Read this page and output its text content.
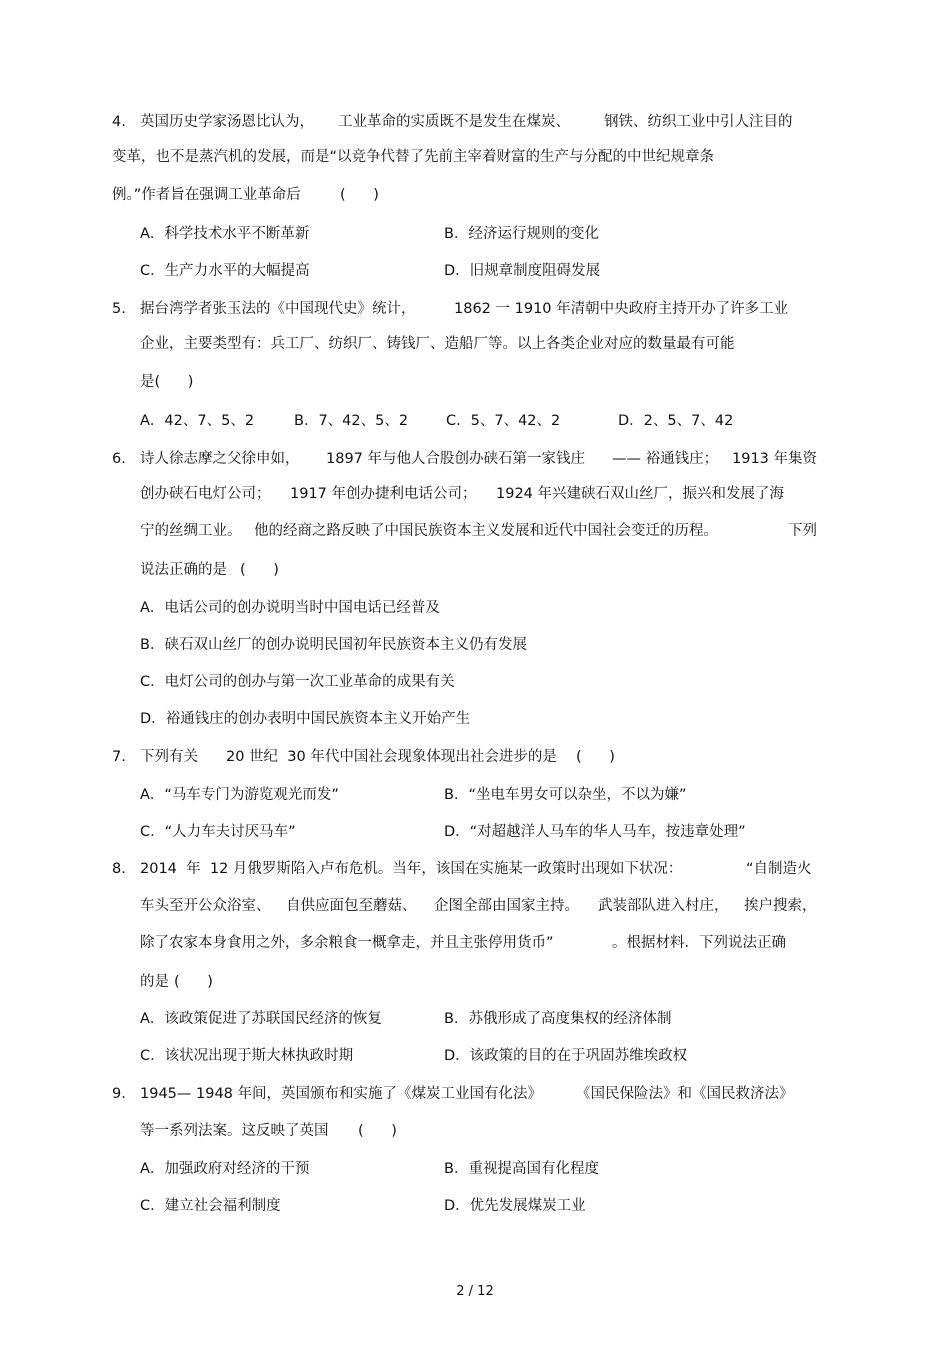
4. 英国历史学家汤恩比认为， 工业革命的实质既不是发生在煤炭、 钢铁、纺织工业中引人注目的
变革，也不是蒸汽机的发展，而是“以竞争代替了先前主宰着财富的生产与分配的中世纪规章条
例。”作者旨在强调工业革命后	(      )
A．科学技术水平不断革新	B．经济运行规则的变化
C．生产力水平的大幅提高	D．旧规章制度阻碍发展
5. 据台湾学者张玉法的《中国现代史》统计，	1862 一 1910 年清朝中央政府主持开办了许多工业
企业，主要类型有：兵工厂、纺织厂、铸钱厂、造船厂等。以上各类企业对应的数量最有可能
是(      )
A．42、7、5、2	B．7、42、5、2	C．5、7、42、2	D．2、5、7、42
6. 诗人徐志摩之父徐申如， 1897 年与他人合股创办硖石第一家钱庄 —— 裕通钱庄； 1913 年集资
创办硖石电灯公司； 1917 年创办捷利电话公司； 1924 年兴建硖石双山丝厂，振兴和发展了海
宁的丝绸工业。 他的经商之路反映了中国民族资本主义发展和近代中国社会变迁的历程。	下列
说法正确的是 (      )
A．电话公司的创办说明当时中国电话已经普及
B．硖石双山丝厂的创办说明民国初年民族资本主义仍有发展
C．电灯公司的创办与第一次工业革命的成果有关
D．裕通钱庄的创办表明中国民族资本主义开始产生
7. 下列有关 20 世纪  30 年代中国社会现象体现出社会进步的是 (      )
A．“马车专门为游览观光而发”	B．“坐电车男女可以杂坐，不以为嫌”
C．“人力车夫讨厌马车”	D．“对超越洋人马车的华人马车，按违章处理”
8. 2014  年  12 月俄罗斯陷入卢布危机。当年，该国在实施某一政策时出现如下状况：	“自制造火
车头至开公众浴室、 自供应面包至蘑菇、 企图全部由国家主持。 武装部队进入村庄， 挨户搜索，
除了农家本身食用之外，多余粮食一概拿走，并且主张停用货币”	。根据材料．下列说法正确
的是 (      )
A．该政策促进了苏联国民经济的恢复	B．苏俄形成了高度集权的经济体制
C．该状况出现于斯大林执政时期	D．该政策的目的在于巩固苏维埃政权
9. 1945— 1948 年间，英国颁布和实施了《煤炭工业国有化法》 《国民保险法》和《国民救济法》
等一系列法案。这反映了英国 (      )
A．加强政府对经济的干预	B．重视提高国有化程度
C．建立社会福利制度	D．优先发展煤炭工业
2 / 12
